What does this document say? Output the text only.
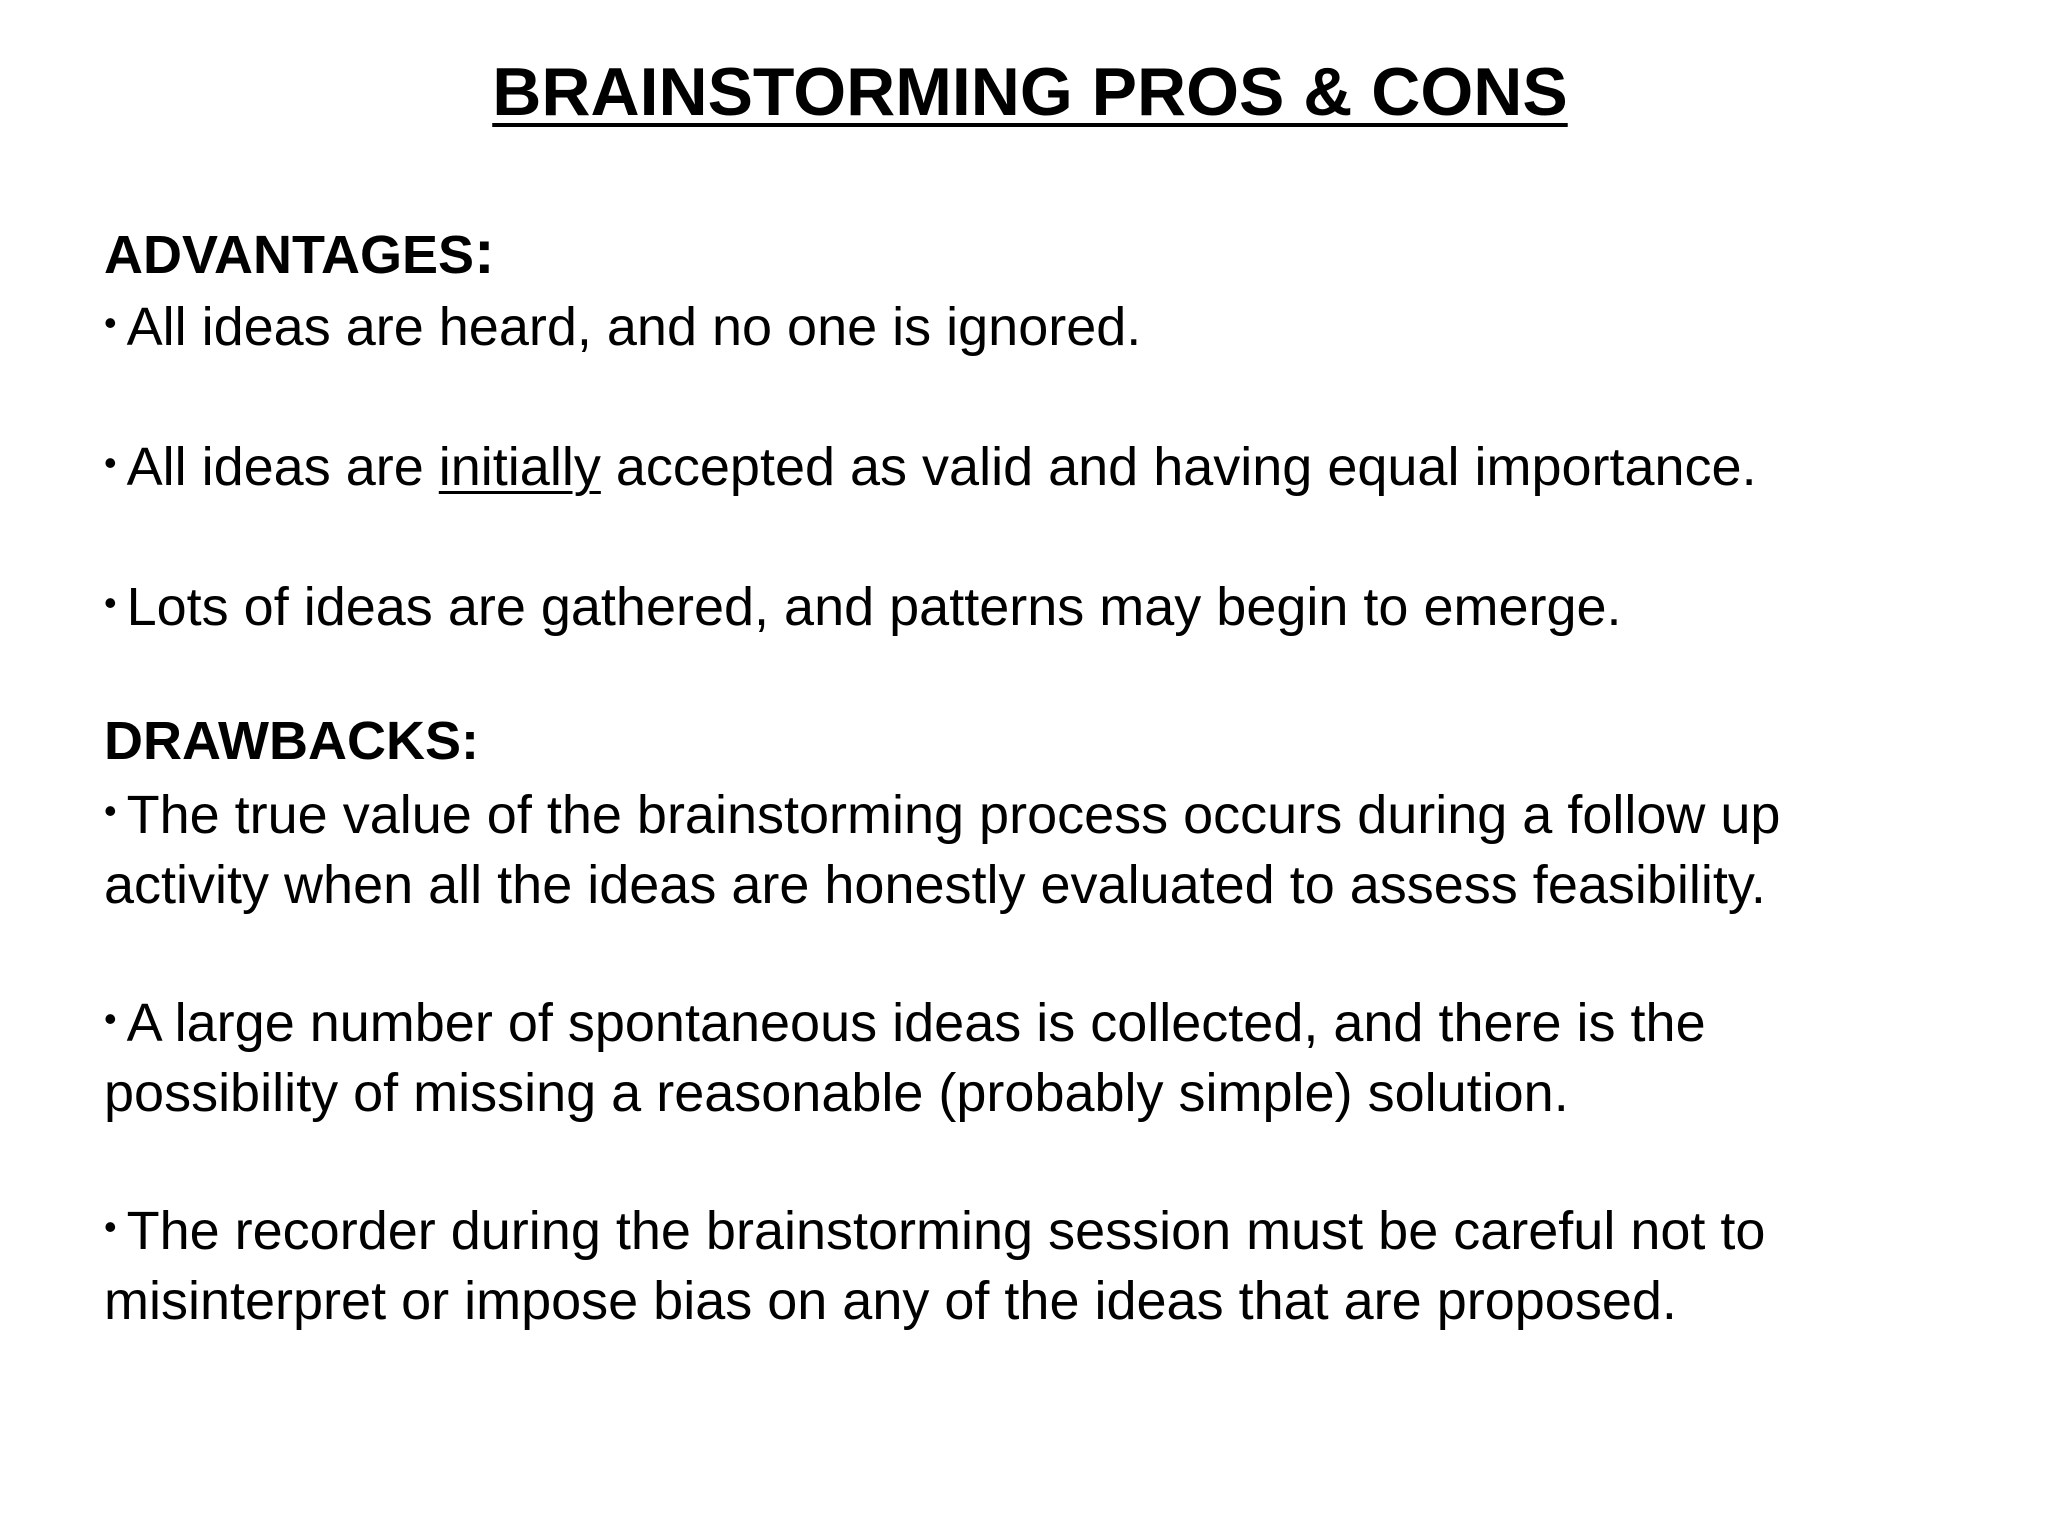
BRAINSTORMING PROS & CONS
ADVANTAGES:
• All ideas are heard, and no one is ignored.
• All ideas are initially accepted as valid and having equal importance.
• Lots of ideas are gathered, and patterns may begin to emerge.
DRAWBACKS:
• The true value of the brainstorming process occurs during a follow up
activity when all the ideas are honestly evaluated to assess feasibility.
• A large number of spontaneous ideas is collected, and there is the
possibility of missing a reasonable (probably simple) solution.
• The recorder during the brainstorming session must be careful not to
misinterpret or impose bias on any of the ideas that are proposed.
